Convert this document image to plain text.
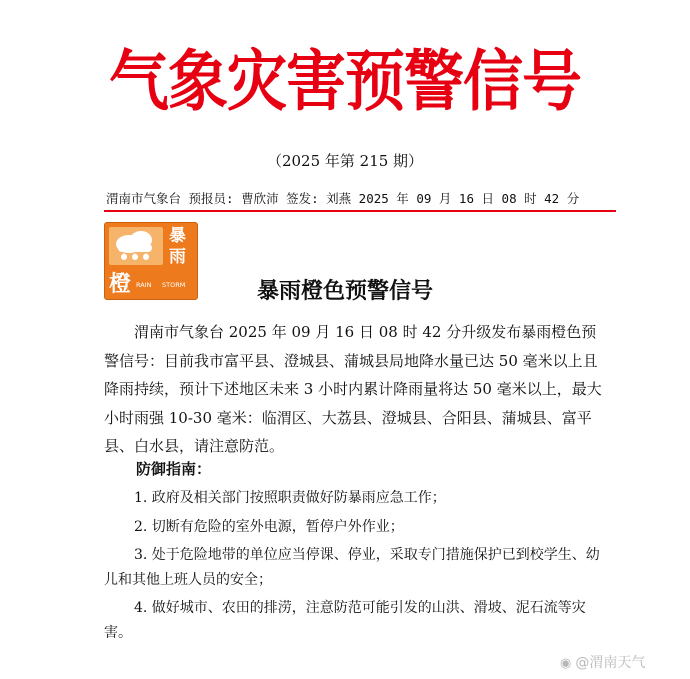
气象灾害预警信号
（2025 年第 215 期）
渭南市气象台 预报员: 曹欣沛 签发: 刘燕 2025 年 09 月 16 日 08 时 42 分
暴
雨
橙 RAIN STORM	暴雨橙色预警信号

渭南市气象台 2025 年 09 月 16 日 08 时 42 分升级发布暴雨橙色预警信号：目前我市富平县、澄城县、蒲城县局地降水量已达 50 毫米以上且降雨持续，预计下述地区未来 3 小时内累计降雨量将达 50 毫米以上，最大小时雨强 10-30 毫米：临渭区、大荔县、澄城县、合阳县、蒲城县、富平县、白水县，请注意防范。

防御指南：

1. 政府及相关部门按照职责做好防暴雨应急工作；

2. 切断有危险的室外电源，暂停户外作业；

3. 处于危险地带的单位应当停课、停业，采取专门措施保护已到校学生、幼儿和其他上班人员的安全；

4. 做好城市、农田的排涝，注意防范可能引发的山洪、滑坡、泥石流等灾害。

◉ @渭南天气
